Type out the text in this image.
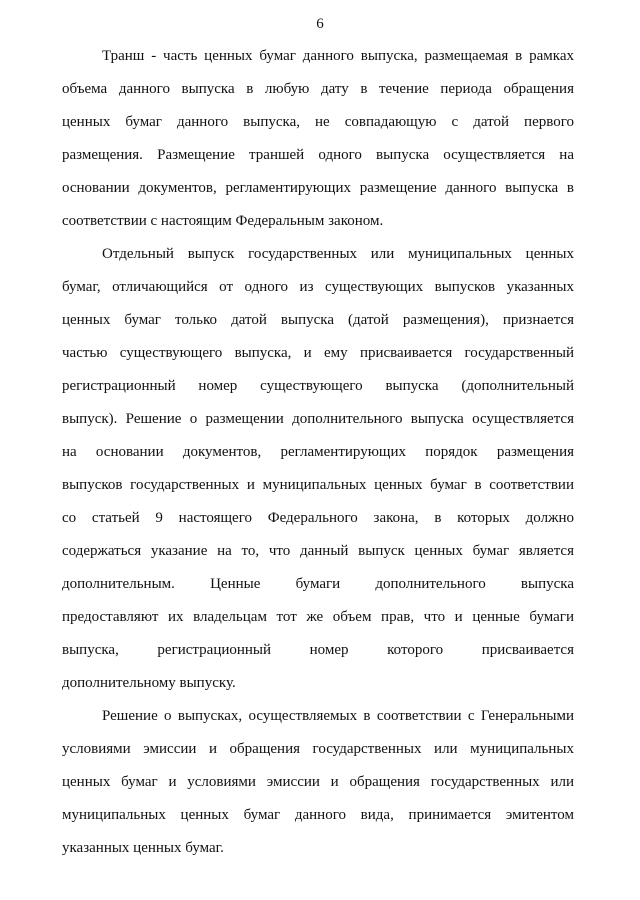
6

Транш - часть ценных бумаг данного выпуска, размещаемая в рамках
объема данного выпуска в любую дату в течение периода обращения
ценных бумаг данного выпуска, не совпадающую с датой первого
размещения. Размещение траншей одного выпуска осуществляется на
основании документов, регламентирующих размещение данного выпуска в
соответствии с настоящим Федеральным законом.

Отдельный выпуск государственных или муниципальных ценных
бумаг, отличающийся от одного из существующих выпусков указанных
ценных бумаг только датой выпуска (датой размещения), признается
частью существующего выпуска, и ему присваивается государственный
регистрационный номер существующего выпуска (дополнительный
выпуск). Решение о размещении дополнительного выпуска осуществляется
на основании документов, регламентирующих порядок размещения
выпусков государственных и муниципальных ценных бумаг в соответствии
со статьей 9 настоящего Федерального закона, в которых должно
содержаться указание на то, что данный выпуск ценных бумаг является
дополнительным. Ценные бумаги дополнительного выпуска
предоставляют их владельцам тот же объем прав, что и ценные бумаги
выпуска, регистрационный номер которого присваивается
дополнительному выпуску.

Решение о выпусках, осуществляемых в соответствии с Генеральными
условиями эмиссии и обращения государственных или муниципальных
ценных бумаг и условиями эмиссии и обращения государственных или
муниципальных ценных бумаг данного вида, принимается эмитентом
указанных ценных бумаг.
